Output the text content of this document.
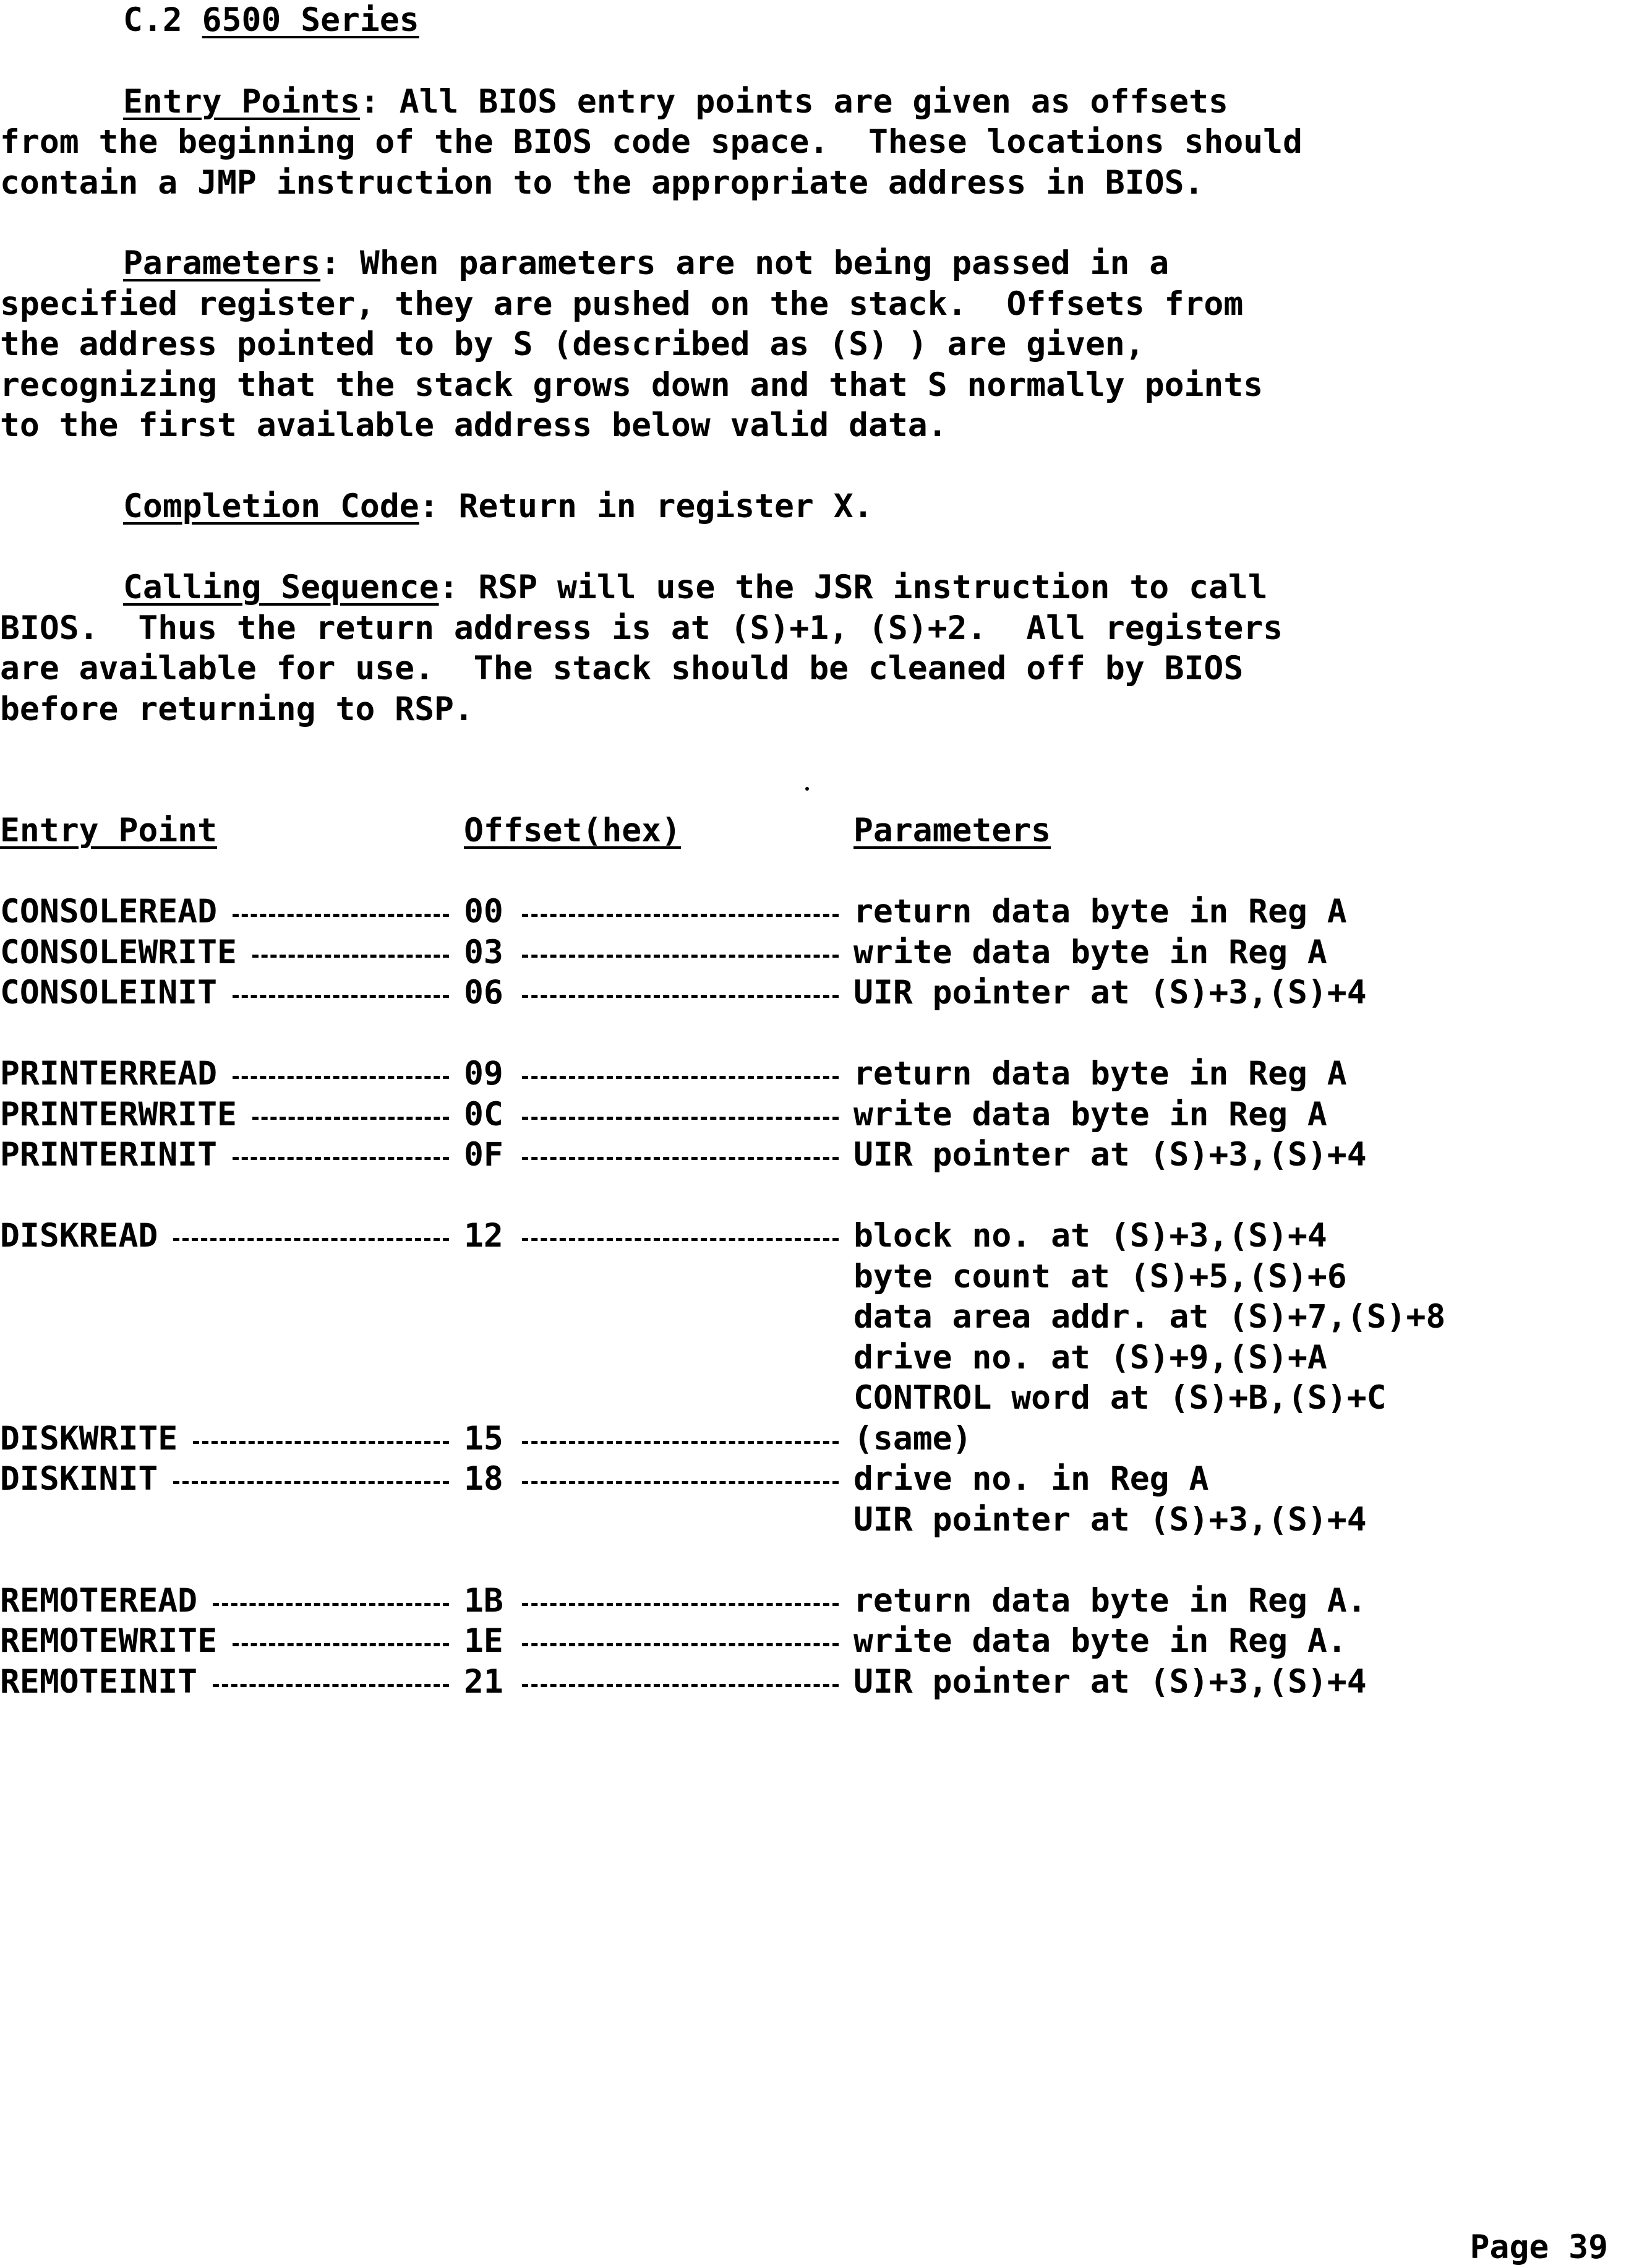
C.2 6500 Series
Entry Points: All BIOS entry points are given as offsets
from the beginning of the BIOS code space.  These locations should
contain a JMP instruction to the appropriate address in BIOS.
Parameters: When parameters are not being passed in a
specified register, they are pushed on the stack.  Offsets from
the address pointed to by S (described as (S) ) are given,
recognizing that the stack grows down and that S normally points
to the first available address below valid data.
Completion Code: Return in register X.
Calling Sequence: RSP will use the JSR instruction to call
BIOS.  Thus the return address is at (S)+1, (S)+2.  All registers
are available for use.  The stack should be cleaned off by BIOS
before returning to RSP.
Entry Point	Offset(hex)	Parameters
CONSOLEREAD	00	return data byte in Reg A
CONSOLEWRITE	03	write data byte in Reg A
CONSOLEINIT	06	UIR pointer at (S)+3,(S)+4
PRINTERREAD	09	return data byte in Reg A
PRINTERWRITE	0C	write data byte in Reg A
PRINTERINIT	0F	UIR pointer at (S)+3,(S)+4
DISKREAD	12	block no. at (S)+3,(S)+4
byte count at (S)+5,(S)+6
data area addr. at (S)+7,(S)+8
drive no. at (S)+9,(S)+A
CONTROL word at (S)+B,(S)+C
DISKWRITE	15	(same)
DISKINIT	18	drive no. in Reg A
UIR pointer at (S)+3,(S)+4
REMOTEREAD	1B	return data byte in Reg A.
REMOTEWRITE	1E	write data byte in Reg A.
REMOTEINIT	21	UIR pointer at (S)+3,(S)+4
Page 39
